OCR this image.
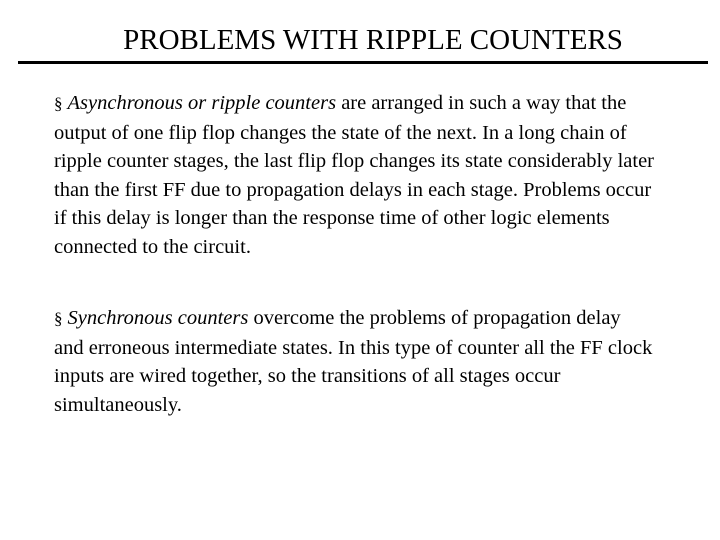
PROBLEMS WITH RIPPLE COUNTERS

§ Asynchronous or ripple counters are arranged in such a way that the output of one flip flop changes the state of the next. In a long chain of ripple counter stages, the last flip flop changes its state considerably later than the first FF due to propagation delays in each stage. Problems occur if this delay is longer than the response time of other logic elements connected to the circuit.

§ Synchronous counters overcome the problems of propagation delay and erroneous intermediate states. In this type of counter all the FF clock inputs are wired together, so the transitions of all stages occur simultaneously.
